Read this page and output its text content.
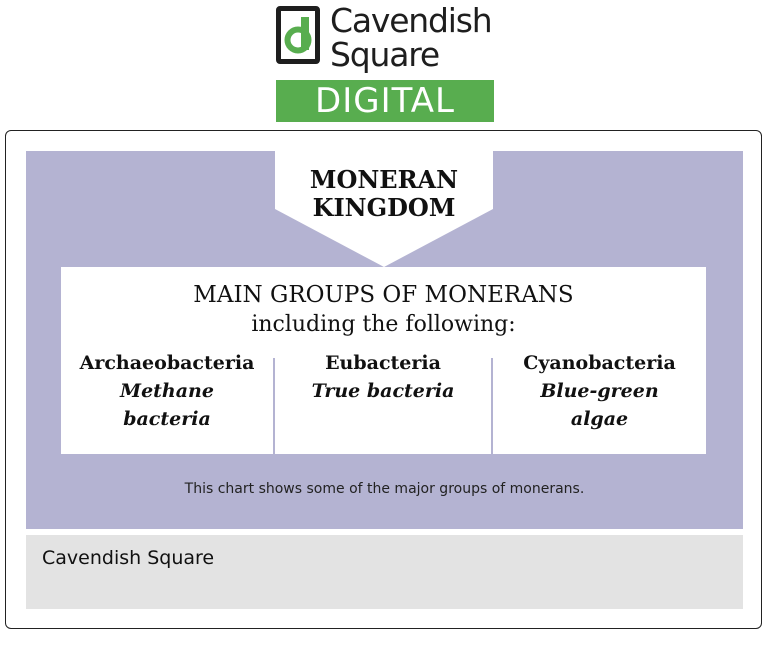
Cavendish
Square
DIGITAL
MONERAN
KINGDOM
MAIN GROUPS OF MONERANS
including the following:
Archaeobacteria
Methane
bacteria
Eubacteria
True bacteria
Cyanobacteria
Blue-green
algae
This chart shows some of the major groups of monerans.
Cavendish Square
